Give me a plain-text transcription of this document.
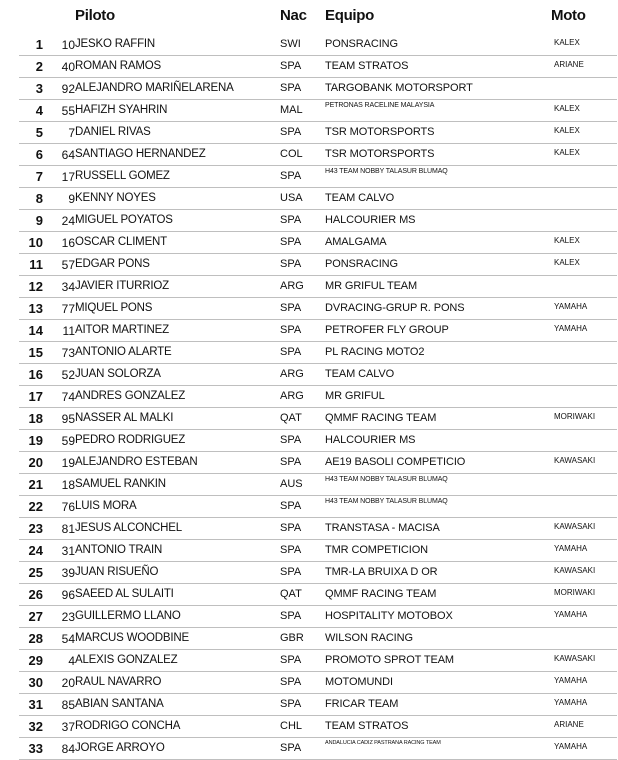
Piloto	Nac Equipo	Moto
1	10 JESKO RAFFIN	SWI PONSRACING	KALEX
2	40 ROMAN RAMOS	SPA TEAM STRATOS	ARIANE
3	92 ALEJANDRO MARIÑELARENA	SPA TARGOBANK MOTORSPORT
4	55 HAFIZH SYAHRIN	MAL	PETRONAS RACELINE MALAYSIA	KALEX
5	7 DANIEL RIVAS	SPA TSR MOTORSPORTS	KALEX
6	64 SANTIAGO HERNANDEZ	COL TSR MOTORSPORTS	KALEX
7	17 RUSSELL GOMEZ	SPA	H43 TEAM NOBBY TALASUR BLUMAQ
8	9 KENNY NOYES	USA TEAM CALVO
9	24 MIGUEL POYATOS	SPA HALCOURIER MS
10	16 OSCAR CLIMENT	SPA AMALGAMA	KALEX
11	57 EDGAR PONS	SPA PONSRACING	KALEX
12	34 JAVIER ITURRIOZ	ARG MR GRIFUL TEAM
13	77 MIQUEL PONS	SPA DVRACING-GRUP R. PONS	YAMAHA
14	11 AITOR MARTINEZ	SPA PETROFER FLY GROUP	YAMAHA
15	73 ANTONIO ALARTE	SPA PL RACING MOTO2
16	52 JUAN SOLORZA	ARG TEAM CALVO
17	74 ANDRES GONZALEZ	ARG MR GRIFUL
18	95 NASSER AL MALKI	QAT QMMF RACING TEAM	MORIWAKI
19	59 PEDRO RODRIGUEZ	SPA HALCOURIER MS
20	19 ALEJANDRO ESTEBAN	SPA AE19 BASOLI COMPETICIO	KAWASAKI
21	18 SAMUEL RANKIN	AUS	H43 TEAM NOBBY TALASUR BLUMAQ
22	76 LUIS MORA	SPA	H43 TEAM NOBBY TALASUR BLUMAQ
23	81 JESUS ALCONCHEL	SPA TRANSTASA - MACISA	KAWASAKI
24	31 ANTONIO TRAIN	SPA TMR COMPETICION	YAMAHA
25	39 JUAN RISUEÑO	SPA TMR-LA BRUIXA D OR	KAWASAKI
26	96 SAEED AL SULAITI	QAT QMMF RACING TEAM	MORIWAKI
27	23 GUILLERMO LLANO	SPA HOSPITALITY MOTOBOX	YAMAHA
28	54 MARCUS WOODBINE	GBR WILSON RACING
29	4 ALEXIS GONZALEZ	SPA PROMOTO SPROT TEAM	KAWASAKI
30	20 RAUL NAVARRO	SPA MOTOMUNDI	YAMAHA
31	85 ABIAN SANTANA	SPA FRICAR TEAM	YAMAHA
32	37 RODRIGO CONCHA	CHL TEAM STRATOS	ARIANE
33	84 JORGE ARROYO	SPA	ANDALUCIA CADIZ PASTRANA RACING TEAM	YAMAHA
